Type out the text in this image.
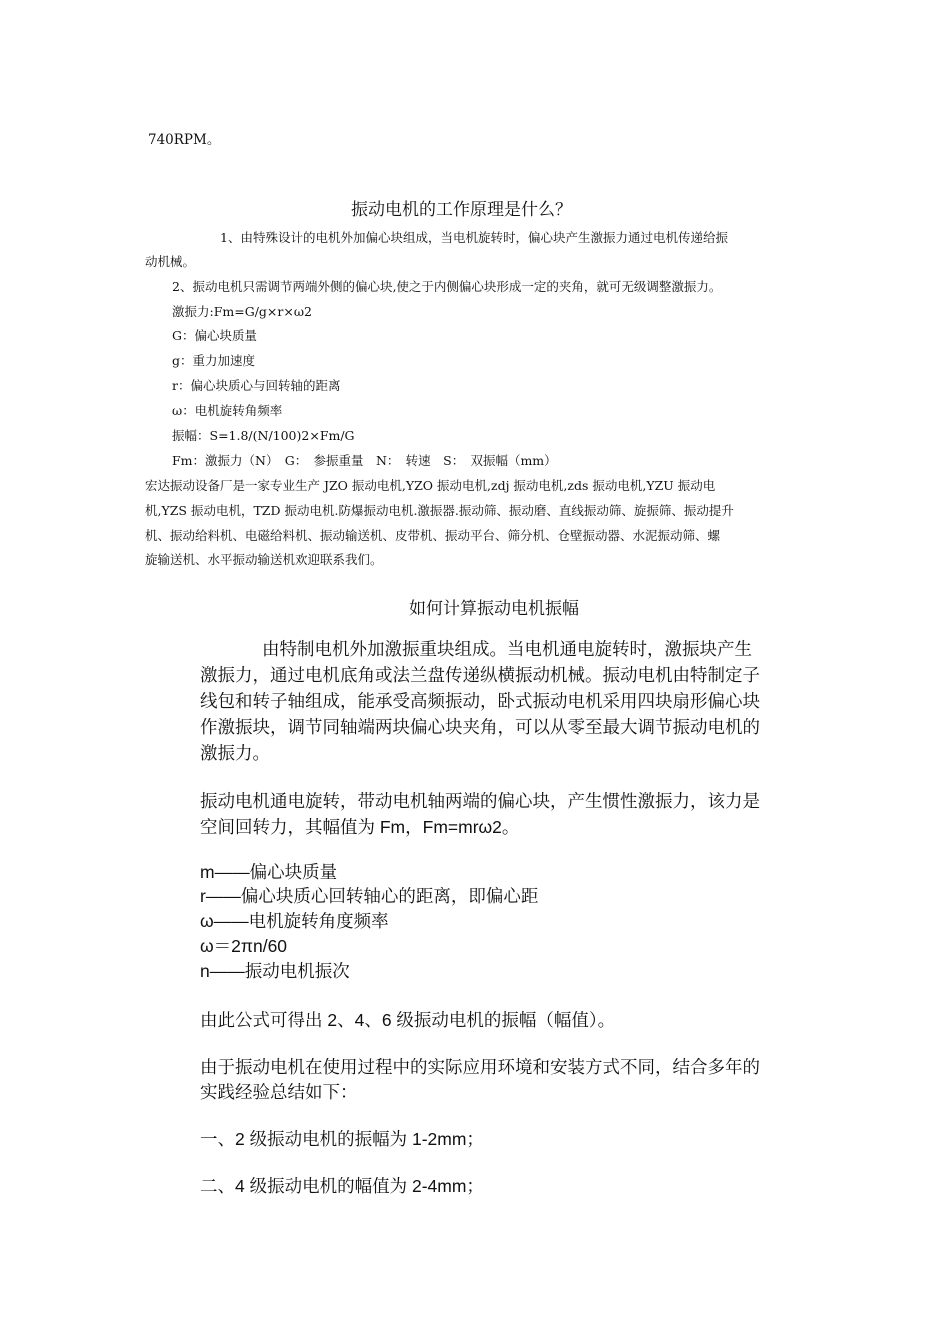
740RPM。
振动电机的工作原理是什么？
1、由特殊设计的电机外加偏心块组成，当电机旋转时，偏心块产生激振力通过电机传递给振
动机械。
2、振动电机只需调节两端外侧的偏心块,使之于内侧偏心块形成一定的夹角，就可无级调整激振力。
激振力:Fm=G/g×r×ω2
G：偏心块质量
g：重力加速度
r：偏心块质心与回转轴的距离
ω：电机旋转角频率
振幅：S=1.8/(N/100)2×Fm/G
Fm：激振力（N）　G：　参振重量　N：　转速　S：　双振幅（mm）
宏达振动设备厂是一家专业生产 JZO 振动电机,YZO 振动电机,zdj 振动电机,zds 振动电机,YZU 振动电
机,YZS 振动电机，TZD 振动电机.防爆振动电机.激振器.振动筛、振动磨、直线振动筛、旋振筛、振动提升
机、振动给料机、电磁给料机、振动输送机、皮带机、振动平台、筛分机、仓壁振动器、水泥振动筛、螺
旋输送机、水平振动输送机欢迎联系我们。
如何计算振动电机振幅
由特制电机外加激振重块组成。当电机通电旋转时，激振块产生
激振力，通过电机底角或法兰盘传递纵横振动机械。振动电机由特制定子
线包和转子轴组成，能承受高频振动，卧式振动电机采用四块扇形偏心块
作激振块，调节同轴端两块偏心块夹角，可以从零至最大调节振动电机的
激振力。
振动电机通电旋转，带动电机轴两端的偏心块，产生惯性激振力，该力是
空间回转力，其幅值为 Fm，Fm=mrω2。
m——偏心块质量
r——偏心块质心回转轴心的距离，即偏心距
ω——电机旋转角度频率
ω＝2πn/60
n——振动电机振次
由此公式可得出 2、4、6 级振动电机的振幅（幅值）。
由于振动电机在使用过程中的实际应用环境和安装方式不同，结合多年的
实践经验总结如下：
一、2 级振动电机的振幅为 1-2mm；
二、4 级振动电机的幅值为 2-4mm；
